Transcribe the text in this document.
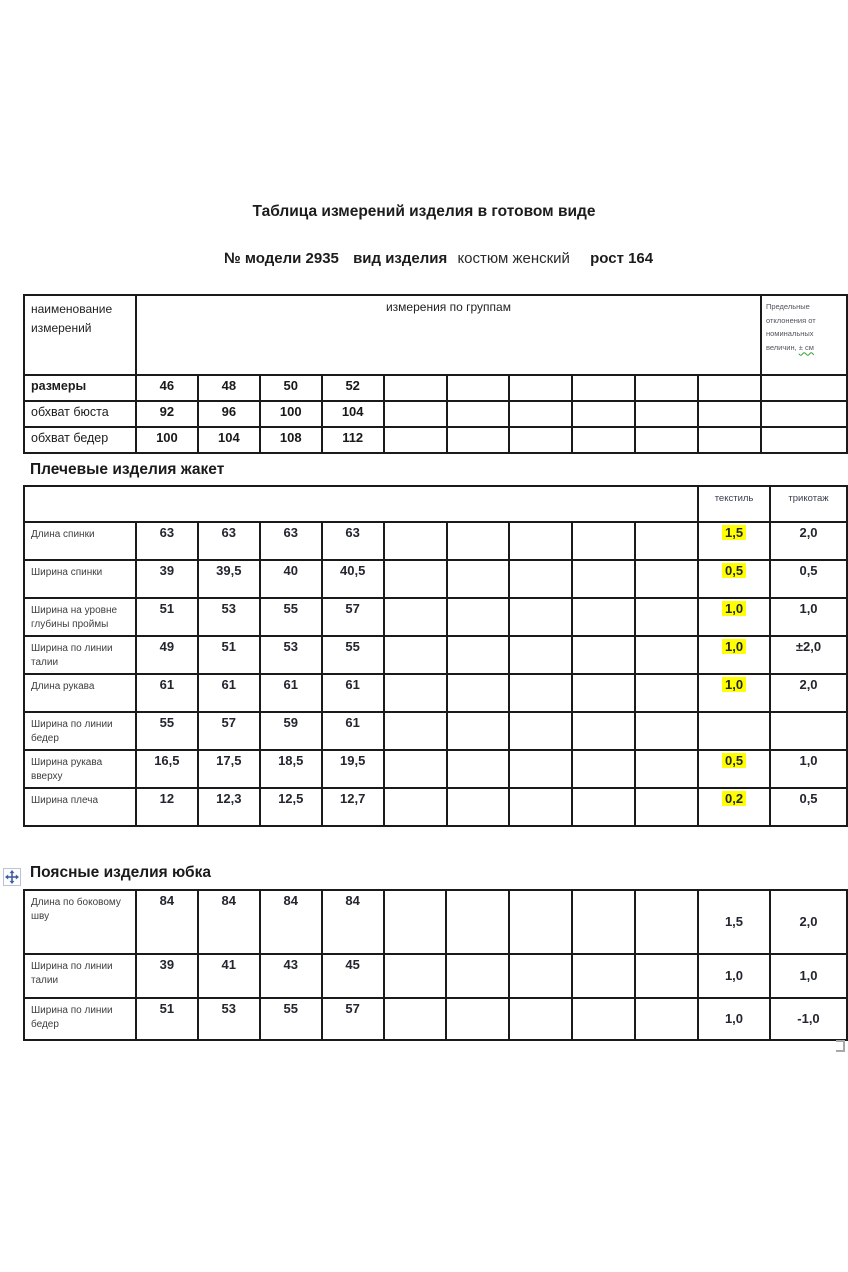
Таблица измерений изделия в готовом виде
№ модели 2935 вид изделия костюм женский рост 164
наименование измерений	измерения по группам										Предельные отклонения от номинальных величин, ± см
размеры	46	48	50	52							
обхват бюста	92	96	100	104							
обхват бедер	100	104	108	112							
Плечевые изделия жакет
										текстиль	трикотаж
Длина спинки	63	63	63	63						1,5	2,0
Ширина спинки	39	39,5	40	40,5						0,5	0,5
Ширина на уровне глубины проймы	51	53	55	57						1,0	1,0
Ширина по линии талии	49	51	53	55						1,0	±2,0
Длина рукава	61	61	61	61						1,0	2,0
Ширина по линии бедер	55	57	59	61							
Ширина рукава вверху	16,5	17,5	18,5	19,5						0,5	1,0
Ширина плеча	12	12,3	12,5	12,7						0,2	0,5
Поясные изделия юбка
Длина по боковому шву	84	84	84	84						1,5	2,0
Ширина по линии талии	39	41	43	45						1,0	1,0
Ширина по линии бедер	51	53	55	57						1,0	-1,0
